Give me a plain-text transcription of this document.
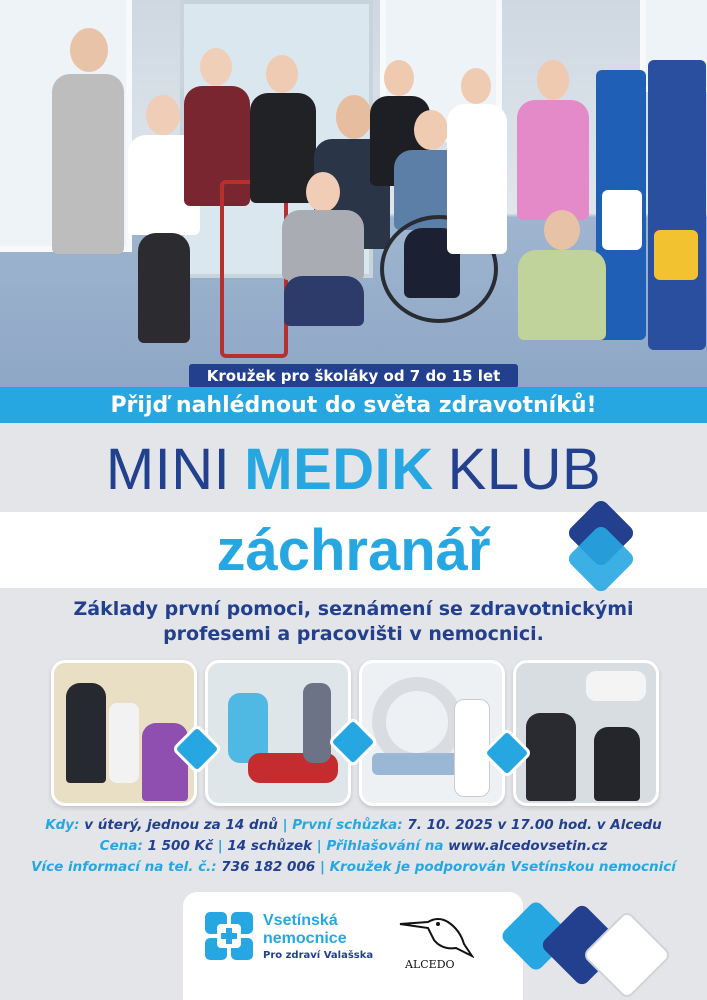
Kroužek pro školáky od 7 do 15 let
Přijď nahlédnout do světa zdravotníků!
MINI MEDIK KLUB
záchranář
Základy první pomoci, seznámení se zdravotnickými
profesemi a pracovišti v nemocnici.
Kdy: v úterý, jednou za 14 dnů | První schůzka: 7. 10. 2025 v 17.00 hod. v Alcedu
Cena: 1 500 Kč | 14 schůzek | Přihlašování na www.alcedovsetin.cz
Více informací na tel. č.: 736 182 006 | Kroužek je podporován Vsetínskou nemocnicí
Vsetínská
nemocnice
Pro zdraví Valašska
ALCEDO
